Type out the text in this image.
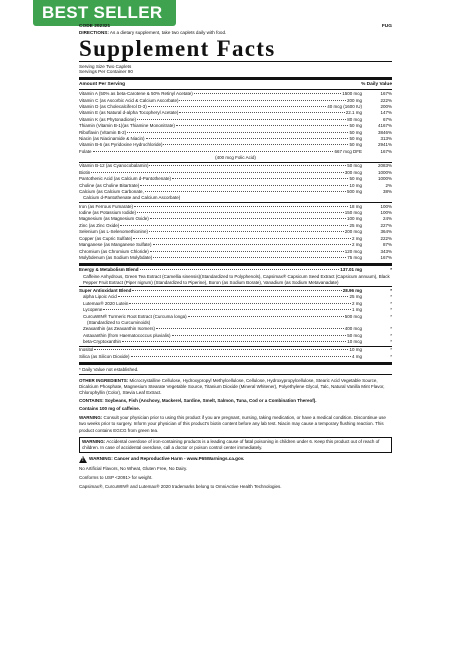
BEST SELLER
CODE 202321	FUG
DIRECTIONS: As a dietary supplement, take two caplets daily with food.
Supplement Facts
Serving Size Two Caplets
Servings Per Container 90
Amount Per Serving	% Daily Value
Vitamin A (50% as beta-Carotene & 50% Retinyl Acetate)	1500 mcg	167%
Vitamin C (as Ascorbic Acid & Calcium Ascorbate)	200 mg	222%
Vitamin D (as Cholecalciferol D-3)	40 mcg (1600 IU)	200%
Vitamin E (as Natural d-alpha Tocopheryl Acetate)	22.1 mg	147%
Vitamin K (as Phytonadione)	80 mcg	67%
Thiamin (Vitamin B-1)(as Thiamine Mononitrate)	50 mg	4167%
Riboflavin (Vitamin B-2)	50 mg	3846%
Niacin (as Niacinamide & Niacin)	50 mg	313%
Vitamin B-6 (as Pyridoxine Hydrochloride)	50 mg	2941%
Folate	667 mcg DFE	167%
(400 mcg Folic Acid)
Vitamin B-12 (as Cyanocobalamin)	50 mcg	2083%
Biotin	300 mcg	1000%
Pantothenic Acid (as Calcium d-Pantothenate)	50 mg	1000%
Choline (as Choline Bitartrate)	10 mg	2%
Calcium (as Calcium Carbonate,	500 mg	38%
Calcium d-Pantothenate and Calcium Ascorbate)
Iron (as Ferrous Fumarate)	18 mg	100%
Iodine (as Potassium Iodide)	150 mcg	100%
Magnesium (as Magnesium Oxide)	100 mg	24%
Zinc (as Zinc Oxide)	25 mg	227%
Selenium (as L-Selenomethionine)	200 mcg	364%
Copper (as Cupric Sulfate)	2 mg	222%
Manganese (as Manganese Sulfate)	2 mg	87%
Chromium (as Chromium Chloride)	120 mcg	343%
Molybdenum (as Sodium Molybdate)	75 mcg	167%
Energy & Metabolism Blend	137.01 mg	*
Caffeine Anhydrous, Green Tea Extract (Camellia sinensis)(Standardized to Polyphenols), Capsimax® Capsicum Seed Extract (Capsicum annuum), Black Pepper Fruit Extract (Piper nigrum) (Standardized to Piperine), Boron (as Sodium Borate), Vanadium (as Sodium Metavanadate)
Super Antioxidant Blend	28.96 mg	*
alpha Lipoic Acid	25 mg	*
Lutemax® 2020 Lutein	2 mg	*
Lycopene	1 mg	*
CurcuWIN® Turmeric Root Extract (Curcuma longa)	500 mcg	*
(Standardized to Curcuminoids)
Zeaxanthin (as Zeaxanthin Isomers)	400 mcg	*
Astaxanthin (from Haematococcus pluvialis)	50 mcg	*
beta-Cryptoxanthin	10 mcg	*
Inositol	10 mg	*
Silica (as Silicon Dioxide)	4 mg	*
* Daily Value not established.
OTHER INGREDIENTS: Microcrystalline Cellulose, Hydroxypropyl Methylcellulose, Cellulose, Hydroxypropylcellulose, Stearic Acid Vegetable Source, Dicalcium Phosphate, Magnesium Stearate Vegetable Source, Titanium Dioxide (Mineral Whitener), Polyethylene Glycol, Talc, Natural Vanilla Mint Flavor, Chlorophyllin (Color), Stevia Leaf Extract.
CONTAINS: Soybeans, Fish (Anchovy, Mackerel, Sardine, Smelt, Salmon, Tuna, Cod or a Combination Thereof).
Contains 100 mg of caffeine.
WARNING: Consult your physician prior to using this product if you are pregnant, nursing, taking medication, or have a medical condition. Discontinue use two weeks prior to surgery. Inform your physician of this product's biotin content before any lab test. Niacin may cause a temporary flushing reaction. This product contains EGCG from green tea.
WARNING: Accidental overdose of iron-containing products is a leading cause of fatal poisoning in children under 6. Keep this product out of reach of children. In case of accidental overdose, call a doctor or poison control center immediately.
!
WARNING: Cancer and Reproductive Harm - www.P65Warnings.ca.gov.
No Artificial Flavors, No Wheat, Gluten Free, No Dairy.
Conforms to USP <2091> for weight.
Capsimax®, CurcuWIN® and Lutemax® 2020 trademarks belong to OmniActive Health Technologies.
